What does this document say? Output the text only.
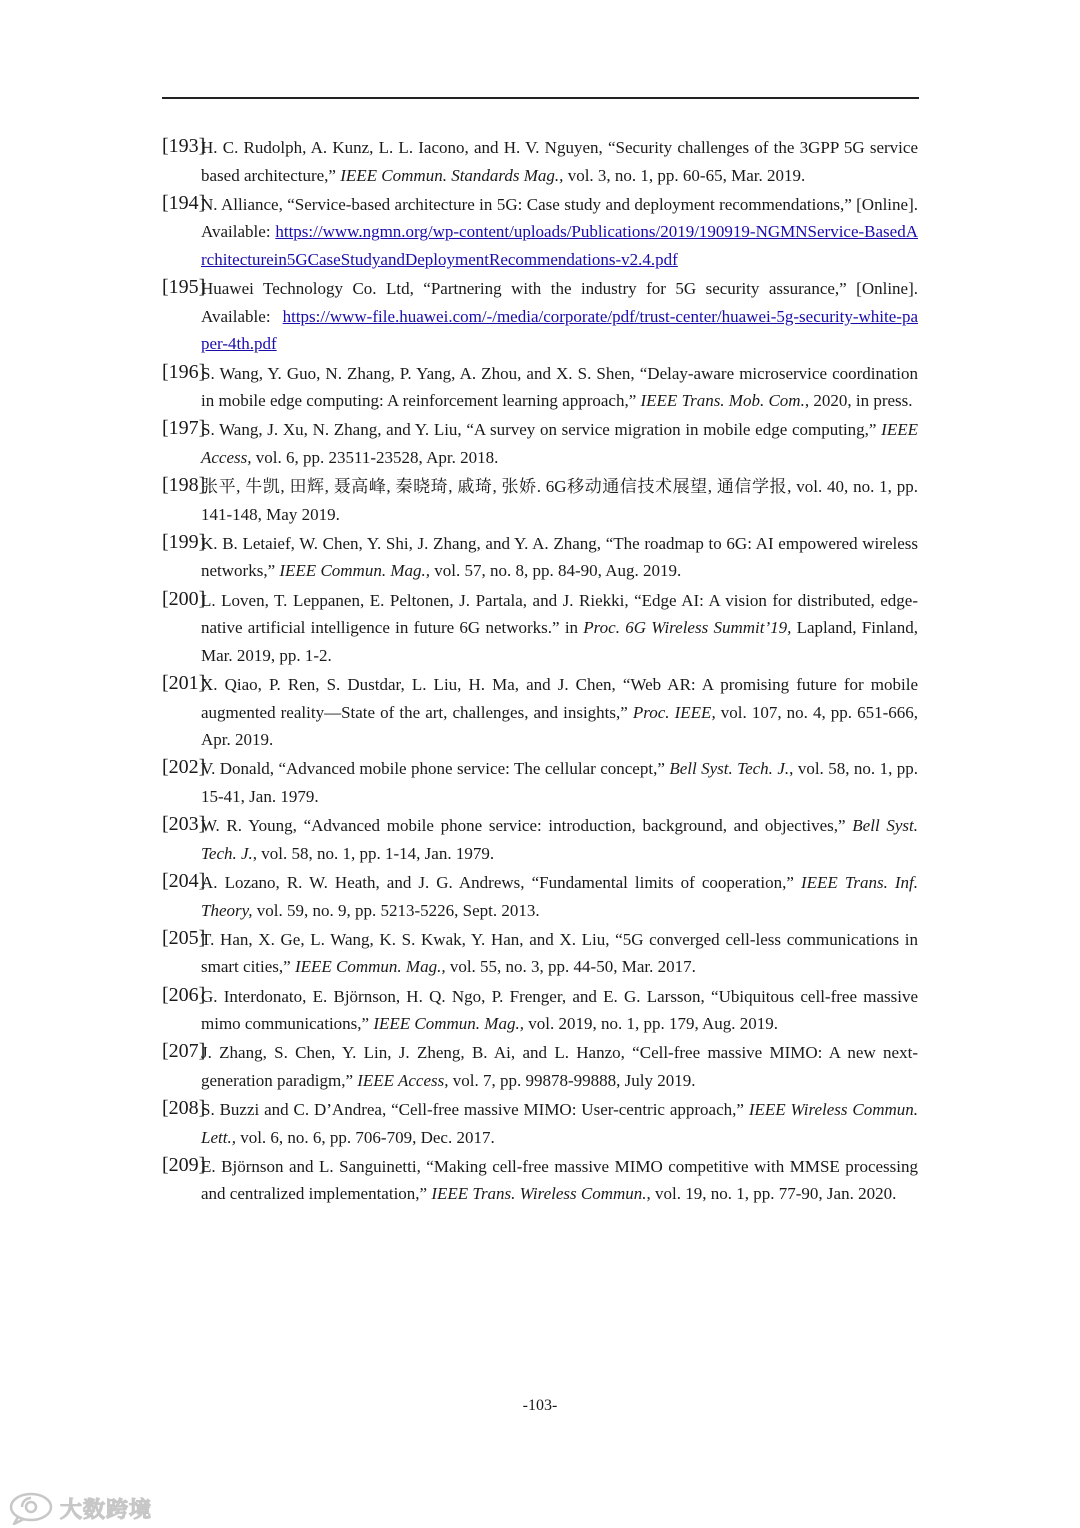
[193]
H. C. Rudolph, A. Kunz, L. L. Iacono, and H. V. Nguyen, “Security challenges of the 3GPP 5G service based architecture,” IEEE Commun. Standards Mag., vol. 3, no. 1, pp. 60-65, Mar. 2019.
[194]
N. Alliance, “Service-based architecture in 5G: Case study and deployment recommendations,” [Online]. Available: https://www.ngmn.org/wp-content/uploads/Publications/2019/190919-NGMNService-BasedArchitecturein5GCaseStudyandDeploymentRecommendations-v2.4.pdf
[195]
Huawei Technology Co. Ltd, “Partnering with the industry for 5G security assurance,” [Online]. Available: https://www-file.huawei.com/-/media/corporate/pdf/trust-center/huawei-5g-security-white-paper-4th.pdf
[196]
S. Wang, Y. Guo, N. Zhang, P. Yang, A. Zhou, and X. S. Shen, “Delay-aware microservice coordination in mobile edge computing: A reinforcement learning approach,” IEEE Trans. Mob. Com., 2020, in press.
[197]
S. Wang, J. Xu, N. Zhang, and Y. Liu, “A survey on service migration in mobile edge computing,” IEEE Access, vol. 6, pp. 23511-23528, Apr. 2018.
[198]
张平, 牛凯, 田辉, 聂高峰, 秦晓琦, 戚琦, 张娇. 6G移动通信技术展望, 通信学报, vol. 40, no. 1, pp. 141-148, May 2019.
[199]
K. B. Letaief, W. Chen, Y. Shi, J. Zhang, and Y. A. Zhang, “The roadmap to 6G: AI empowered wireless networks,” IEEE Commun. Mag., vol. 57, no. 8, pp. 84-90, Aug. 2019.
[200]
L. Loven, T. Leppanen, E. Peltonen, J. Partala, and J. Riekki, “Edge AI: A vision for distributed, edge-native artificial intelligence in future 6G networks.” in Proc. 6G Wireless Summit’19, Lapland, Finland, Mar. 2019, pp. 1-2.
[201]
X. Qiao, P. Ren, S. Dustdar, L. Liu, H. Ma, and J. Chen, “Web AR: A promising future for mobile augmented reality—State of the art, challenges, and insights,” Proc. IEEE, vol. 107, no. 4, pp. 651-666, Apr. 2019.
[202]
V. Donald, “Advanced mobile phone service: The cellular concept,” Bell Syst. Tech. J., vol. 58, no. 1, pp. 15-41, Jan. 1979.
[203]
W. R. Young, “Advanced mobile phone service: introduction, background, and objectives,” Bell Syst. Tech. J., vol. 58, no. 1, pp. 1-14, Jan. 1979.
[204]
A. Lozano, R. W. Heath, and J. G. Andrews, “Fundamental limits of cooperation,” IEEE Trans. Inf. Theory, vol. 59, no. 9, pp. 5213-5226, Sept. 2013.
[205]
T. Han, X. Ge, L. Wang, K. S. Kwak, Y. Han, and X. Liu, “5G converged cell-less communications in smart cities,” IEEE Commun. Mag., vol. 55, no. 3, pp. 44-50, Mar. 2017.
[206]
G. Interdonato, E. Björnson, H. Q. Ngo, P. Frenger, and E. G. Larsson, “Ubiquitous cell-free massive mimo communications,” IEEE Commun. Mag., vol. 2019, no. 1, pp. 179, Aug. 2019.
[207]
J. Zhang, S. Chen, Y. Lin, J. Zheng, B. Ai, and L. Hanzo, “Cell-free massive MIMO: A new next-generation paradigm,” IEEE Access, vol. 7, pp. 99878-99888, July 2019.
[208]
S. Buzzi and C. D’Andrea, “Cell-free massive MIMO: User-centric approach,” IEEE Wireless Commun. Lett., vol. 6, no. 6, pp. 706-709, Dec. 2017.
[209]
E. Björnson and L. Sanguinetti, “Making cell-free massive MIMO competitive with MMSE processing and centralized implementation,” IEEE Trans. Wireless Commun., vol. 19, no. 1, pp. 77-90, Jan. 2020.
-103-
大数跨境
